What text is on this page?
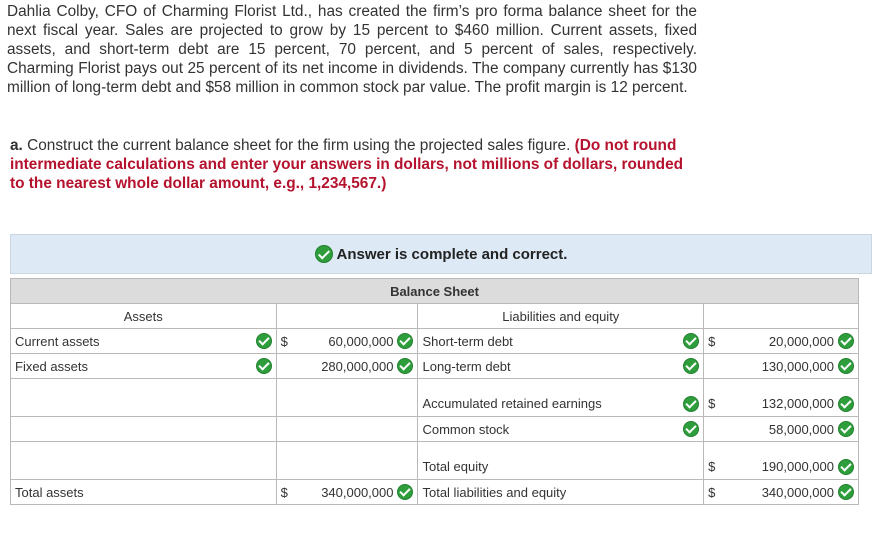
Dahlia Colby, CFO of Charming Florist Ltd., has created the firm’s pro forma balance sheet for the next fiscal year. Sales are projected to grow by 15 percent to $460 million. Current assets, fixed assets, and short-term debt are 15 percent, 70 percent, and 5 percent of sales, respectively. Charming Florist pays out 25 percent of its net income in dividends. The company currently has $130 million of long-term debt and $58 million in common stock par value. The profit margin is 12 percent.
a. Construct the current balance sheet for the firm using the projected sales figure. (Do not round intermediate calculations and enter your answers in dollars, not millions of dollars, rounded to the nearest whole dollar amount, e.g., 1,234,567.)
Answer is complete and correct.
Balance Sheet			
Assets		Liabilities and equity	

Current assets	$ 60,000,000	Short-term debt	$ 20,000,000

Fixed assets	280,000,000	Long-term debt	130,000,000

		Accumulated retained earnings	$ 132,000,000

		Common stock	58,000,000

		Total equity	$ 190,000,000

Total assets	$ 340,000,000	Total liabilities and equity	$ 340,000,000
